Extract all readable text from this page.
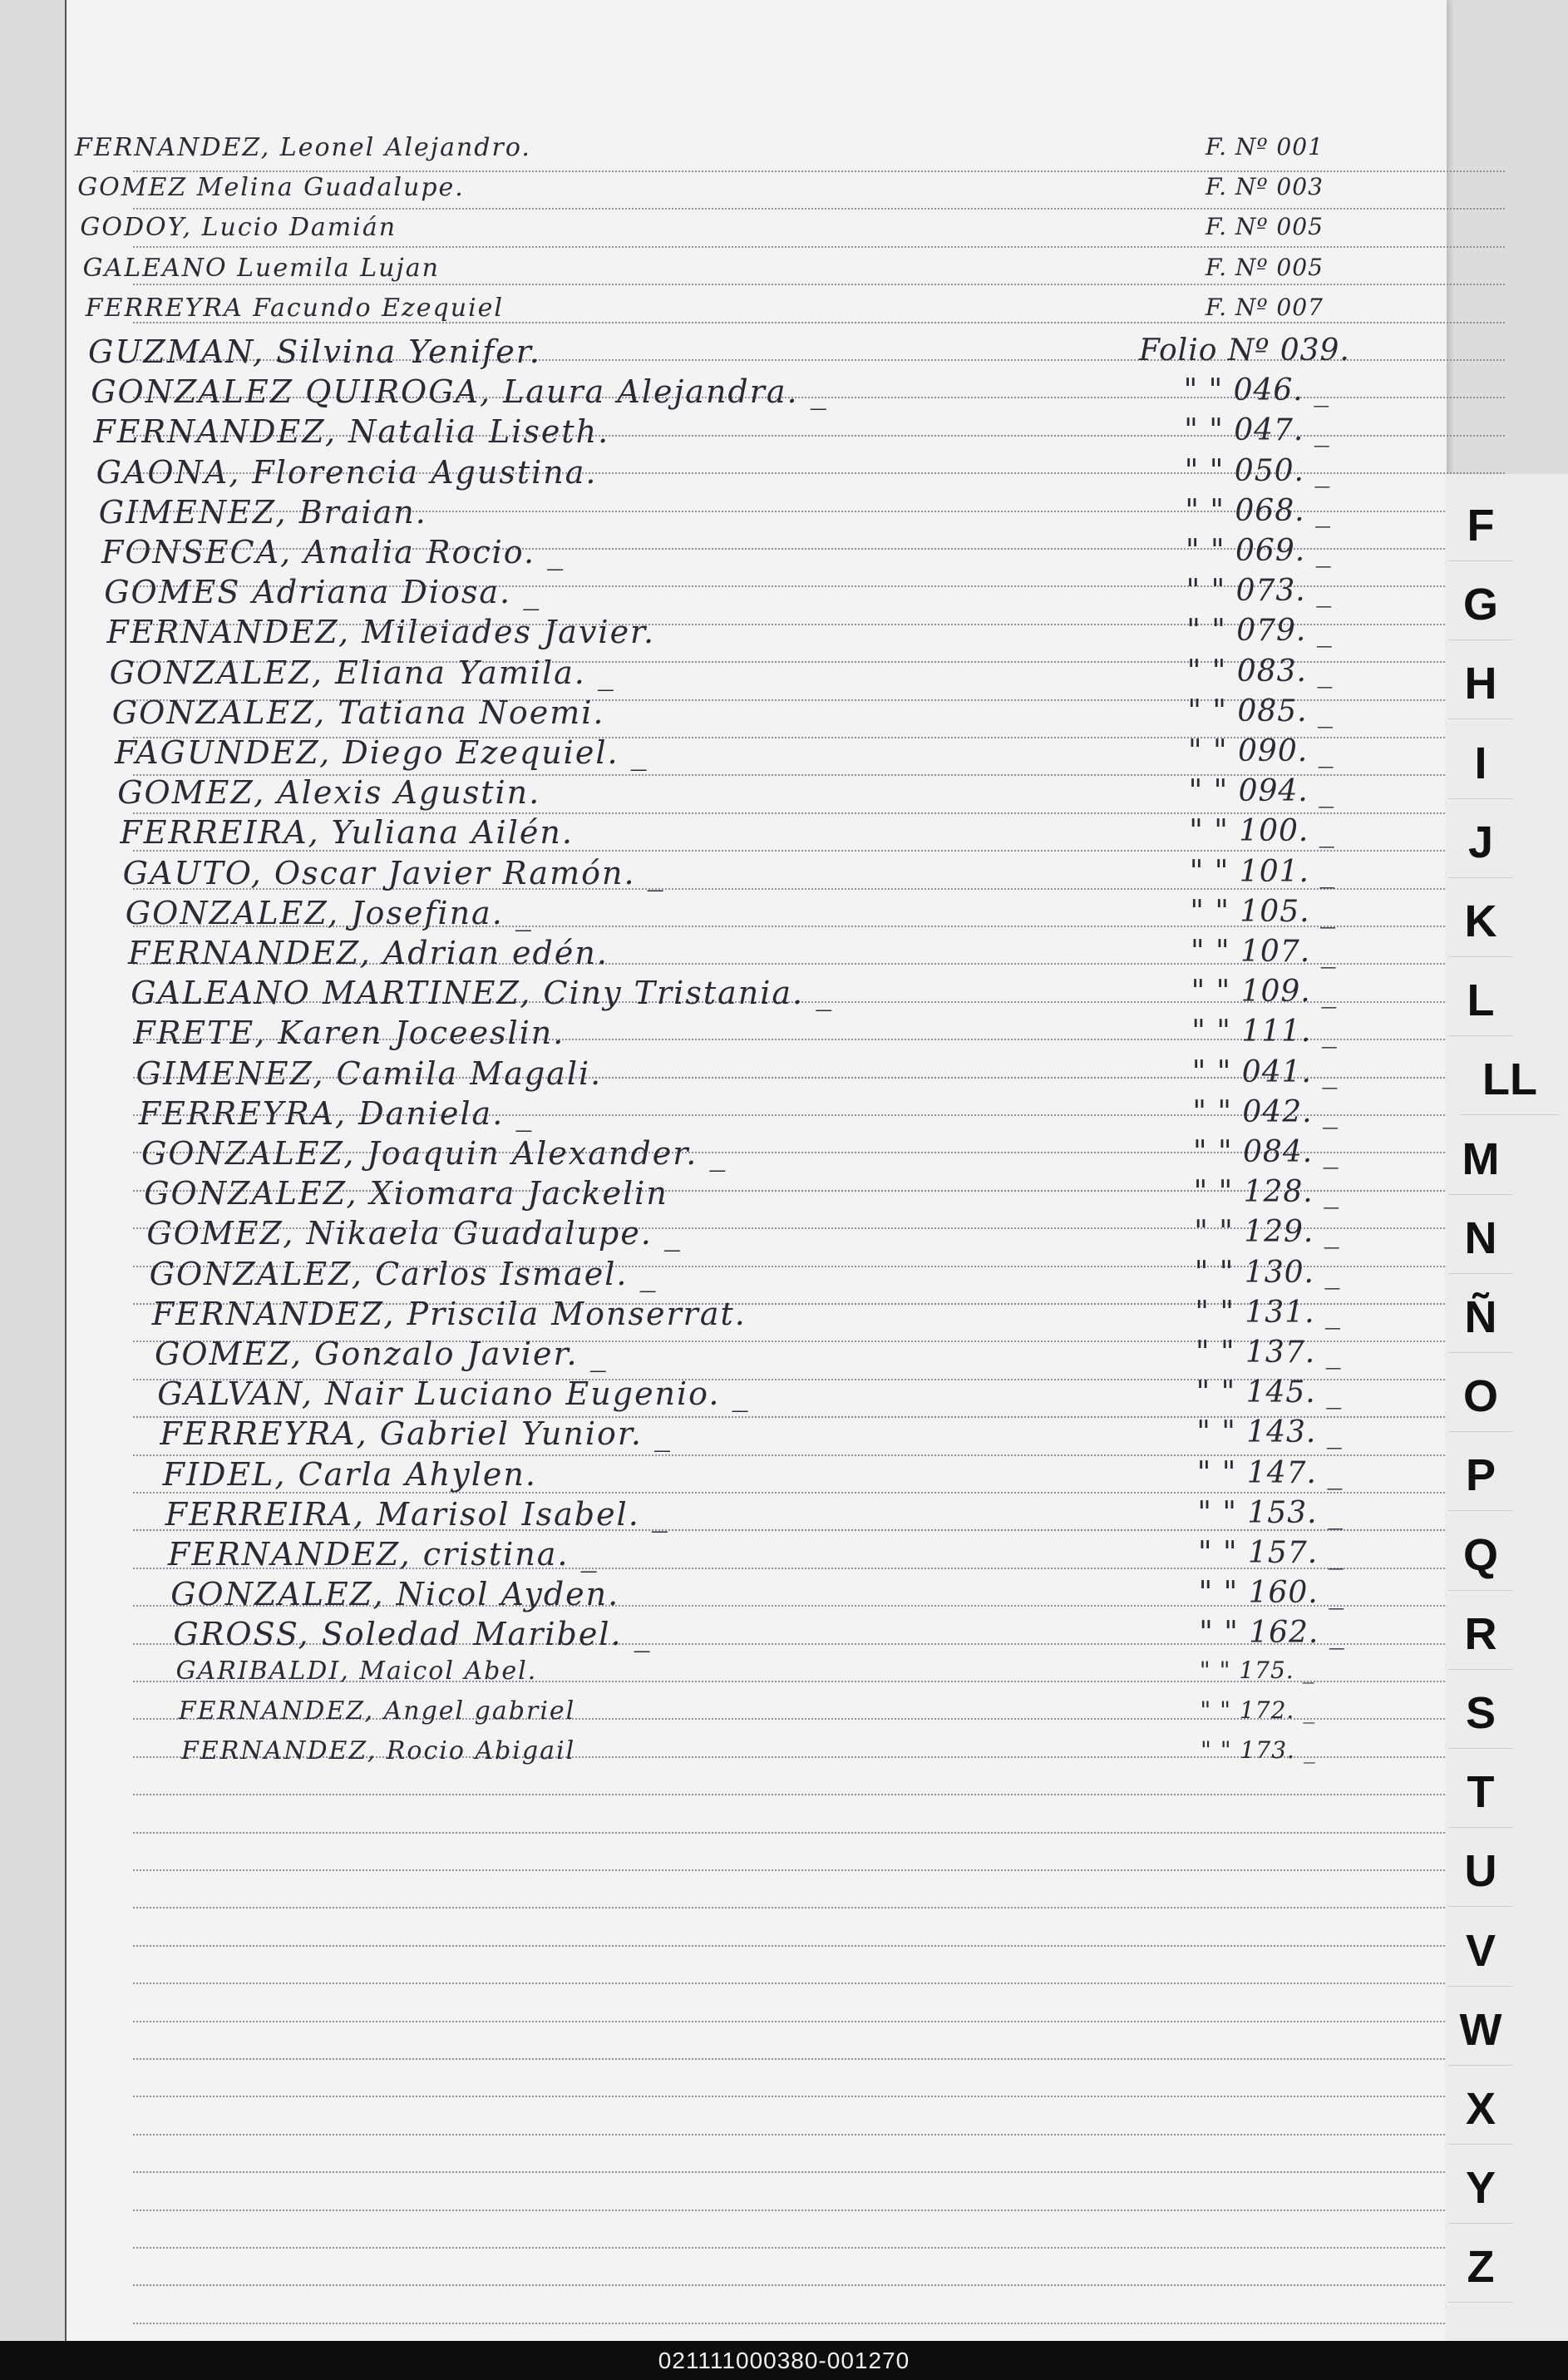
FERNANDEZ, Leonel Alejandro.	F. Nº 001
GOMEZ Melina Guadalupe.	F. Nº 003
GODOY, Lucio Damián	F. Nº 005
GALEANO Luemila Lujan	F. Nº 005
FERREYRA Facundo Ezequiel	F. Nº 007
GUZMAN, Silvina Yenifer.	Folio Nº 039.
GONZALEZ QUIROGA, Laura Alejandra. _	" " 046. _
FERNANDEZ, Natalia Liseth.	" " 047. _
GAONA, Florencia Agustina.	" " 050. _
GIMENEZ, Braian.	" " 068. _
FONSECA, Analia Rocio. _	" " 069. _
GOMES Adriana Diosa. _	" " 073. _
FERNANDEZ, Mileiades Javier.	" " 079. _
GONZALEZ, Eliana Yamila. _	" " 083. _
GONZALEZ, Tatiana Noemi.	" " 085. _
FAGUNDEZ, Diego Ezequiel. _	" " 090. _
GOMEZ, Alexis Agustin.	" " 094. _
FERREIRA, Yuliana Ailén.	" " 100. _
GAUTO, Oscar Javier Ramón. _	" " 101. _
GONZALEZ, Josefina. _	" " 105. _
FERNANDEZ, Adrian edén.	" " 107. _
GALEANO MARTINEZ, Ciny Tristania. _	" " 109. _
FRETE, Karen Joceeslin.	" " 111. _
GIMENEZ, Camila Magali.	" " 041. _
FERREYRA, Daniela. _	" " 042. _
GONZALEZ, Joaquin Alexander. _	" " 084. _
GONZALEZ, Xiomara Jackelin	" " 128. _
GOMEZ, Nikaela Guadalupe. _	" " 129. _
GONZALEZ, Carlos Ismael. _	" " 130. _
FERNANDEZ, Priscila Monserrat.	" " 131. _
GOMEZ, Gonzalo Javier. _	" " 137. _
GALVAN, Nair Luciano Eugenio. _	" " 145. _
FERREYRA, Gabriel Yunior. _	" " 143. _
FIDEL, Carla Ahylen.	" " 147. _
FERREIRA, Marisol Isabel. _	" " 153. _
FERNANDEZ, cristina. _	" " 157. _
GONZALEZ, Nicol Ayden.	" " 160. _
GROSS, Soledad Maribel. _	" " 162. _
GARIBALDI, Maicol Abel.	" " 175. _
FERNANDEZ, Angel gabriel	" " 172. _
FERNANDEZ, Rocio Abigail	" " 173. _
F
G
H
I
J
K
L
LL
M
N
Ñ
O
P
Q
R
S
T
U
V
W
X
Y
Z
021111000380-001270
